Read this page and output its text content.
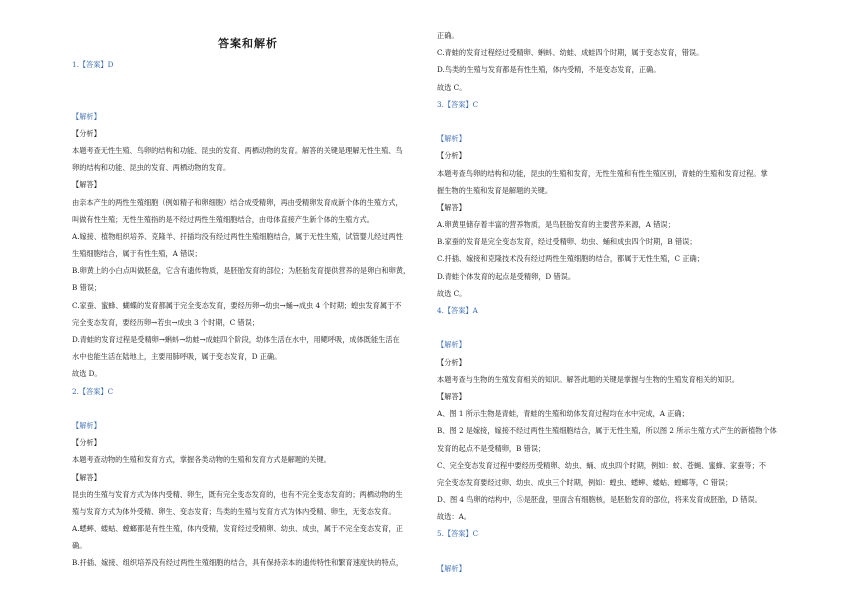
答案和解析
1.【答案】D
【解析】
【分析】
本题考查无性生殖、鸟卵的结构和功能、昆虫的发育、两栖动物的发育。解答的关键是理解无性生殖、鸟
卵的结构和功能、昆虫的发育、两栖动物的发育。
【解答】
由亲本产生的两性生殖细胞（例如精子和卵细胞）结合成受精卵，再由受精卵发育成新个体的生殖方式，
叫做有性生殖；无性生殖指的是不经过两性生殖细胞结合，由母体直接产生新个体的生殖方式。
A.嫁接、植物组织培养、克隆羊、扦插均没有经过两性生殖细胞结合，属于无性生殖，试管婴儿经过两性
生殖细胞结合，属于有性生殖，A 错误；
B.卵黄上的小白点叫做胚盘，它含有遗传物质，是胚胎发育的部位；为胚胎发育提供营养的是卵白和卵黄，
B 错误；
C.家蚕、蜜蜂、蝴蝶的发育都属于完全变态发育，要经历卵→幼虫→蛹→成虫 4 个时期；蝗虫发育属于不
完全变态发育，要经历卵→若虫→成虫 3 个时期，C 错误；
D.青蛙的发育过程是受精卵→蝌蚪→幼蛙→成蛙四个阶段，幼体生活在水中，用鳃呼吸，成体既能生活在
水中也能生活在陆地上，主要用肺呼吸，属于变态发育，D 正确。
故选 D。
2.【答案】C
【解析】
【分析】
本题考查动物的生殖和发育方式，掌握各类动物的生殖和发育方式是解题的关键。
【解答】
昆虫的生殖与发育方式为体内受精、卵生，既有完全变态发育的，也有不完全变态发育的；两栖动物的生
殖与发育方式为体外受精、卵生、变态发育；鸟类的生殖与发育方式为体内受精、卵生，无变态发育。
A.蟋蟀、蝼蛄、螳螂都是有性生殖，体内受精，发育经过受精卵、幼虫、成虫，属于不完全变态发育，正
确。
B.扦插、嫁接、组织培养没有经过两性生殖细胞的结合，具有保持亲本的遗传特性和繁育速度快的特点，
正确。
C.青蛙的发育过程经过受精卵、蝌蚪、幼蛙、成蛙四个时期，属于变态发育，错误。
D.鸟类的生殖与发育都是有性生殖，体内受精，不是变态发育，正确。
故选 C。
3.【答案】C
【解析】
【分析】
本题考查鸟卵的结构和功能，昆虫的生殖和发育，无性生殖和有性生殖区别，青蛙的生殖和发育过程。掌
握生物的生殖和发育是解题的关键。
【解答】
A.卵黄里储存着丰富的营养物质，是鸟胚胎发育的主要营养来源，A 错误；
B.家蚕的发育是完全变态发育，经过受精卵、幼虫、蛹和成虫四个时期，B 错误；
C.扦插、嫁接和克隆技术没有经过两性生殖细胞的结合，都属于无性生殖，C 正确；
D.青蛙个体发育的起点是受精卵，D 错误。
故选 C。
4.【答案】A
【解析】
【分析】
本题考查与生物的生殖发育相关的知识。解答此题的关键是掌握与生物的生殖发育相关的知识。
【解答】
A、图 1 所示生物是青蛙，青蛙的生殖和幼体发育过程均在水中完成，A 正确；
B、图 2 是嫁接，嫁接不经过两性生殖细胞结合，属于无性生殖，所以图 2 所示生殖方式产生的新植物个体
发育的起点不是受精卵，B 错误；
C、完全变态发育过程中要经历受精卵、幼虫、蛹、成虫四个时期，例如：蚊、苍蝇、蜜蜂、家蚕等；不
完全变态发育要经过卵、幼虫、成虫三个时期，例如：蝗虫、蟋蟀、蝼蛄、螳螂等，C 错误；
D、图 4 鸟卵的结构中，⑤是胚盘，里面含有细胞核，是胚胎发育的部位，将来发育成胚胎，D 错误。
故选：A。
5.【答案】C
【解析】
